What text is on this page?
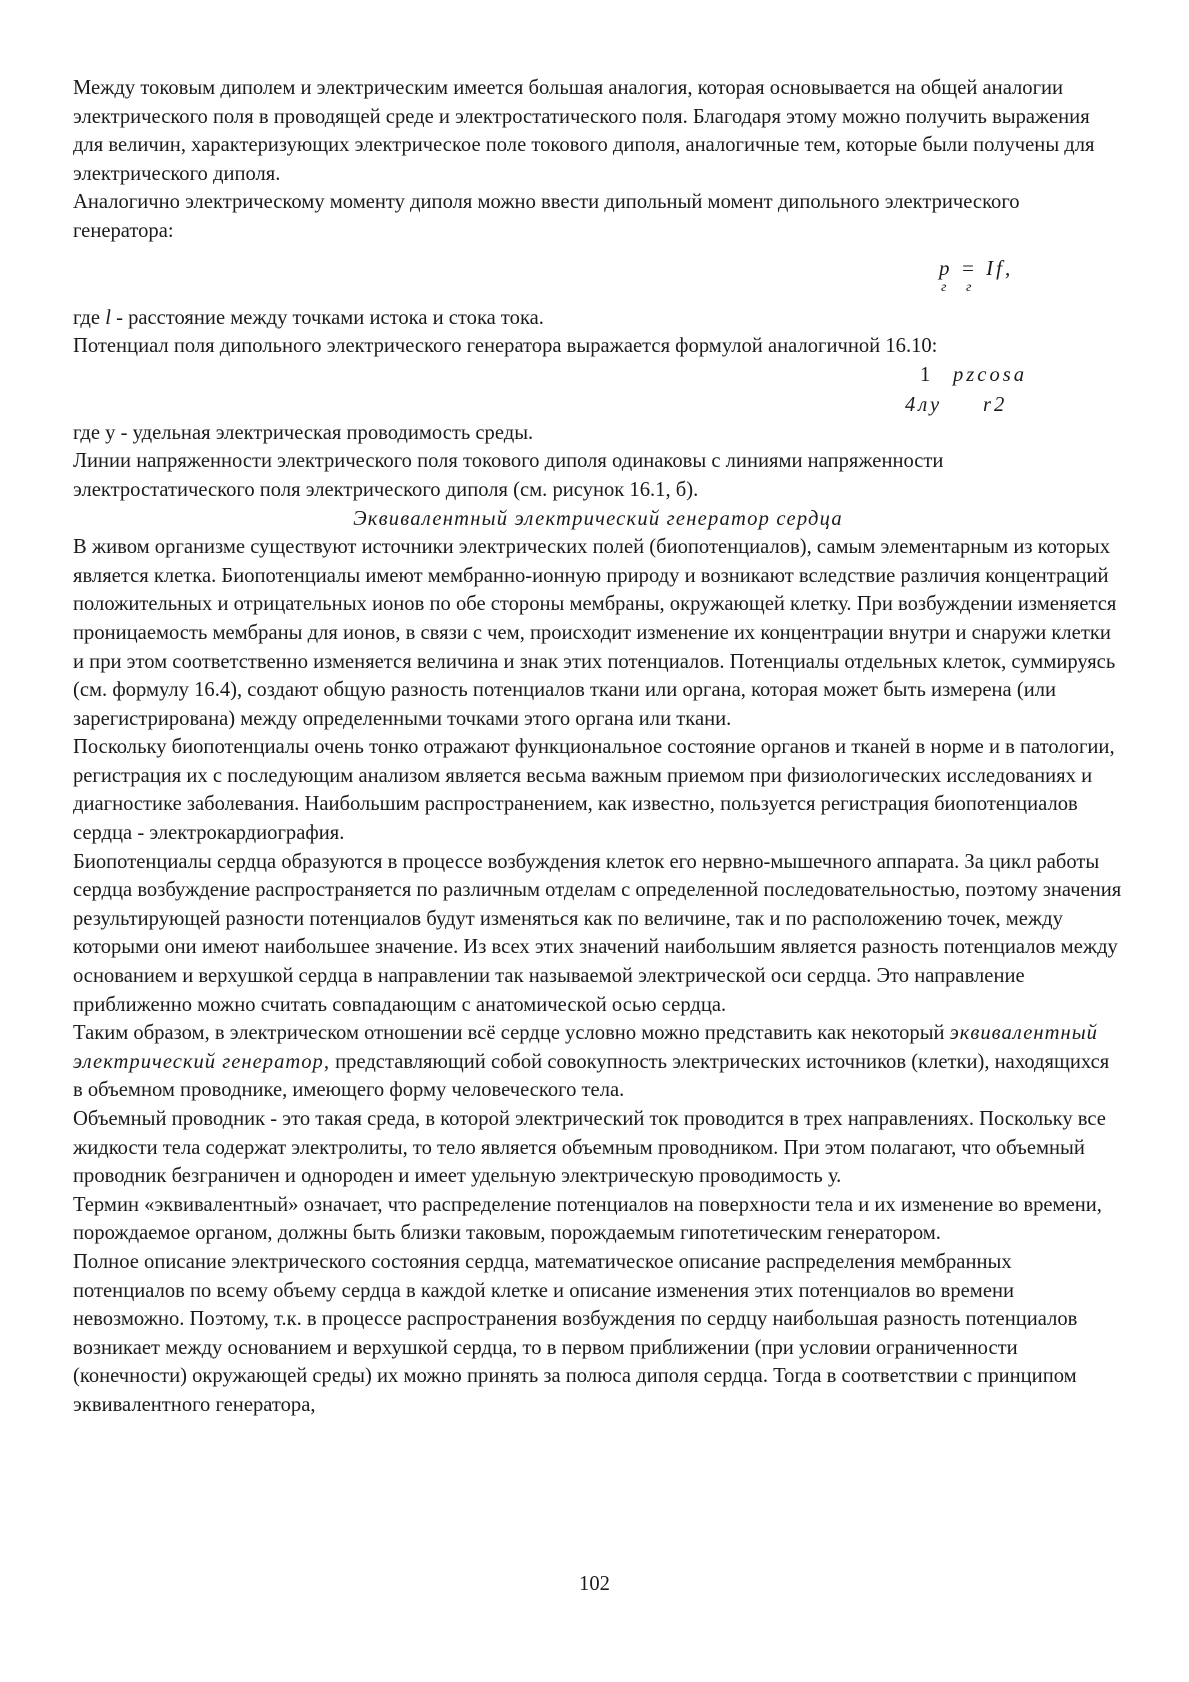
Между токовым диполем и электрическим имеется большая аналогия, которая основывается на общей аналогии электрического поля в проводящей среде и электростатического поля. Благодаря этому можно получить выражения для величин, характеризующих электрическое поле токового диполя, аналогичные тем, которые были получены для электрического диполя.

Аналогично электрическому моменту диполя можно ввести дипольный момент дипольного электрического генератора:

p = If,
г г

где l - расстояние между точками истока и стока тока.

Потенциал поля дипольного электрического генератора выражается формулой аналогичной 16.10:

1 pzcosa
4лу r2

где у - удельная электрическая проводимость среды.

Линии напряженности электрического поля токового диполя одинаковы с линиями напряженности электростатического поля электрического диполя (см. рисунок 16.1, б).

Эквивалентный электрический генератор сердца

В живом организме существуют источники электрических полей (биопотенциалов), самым элементарным из которых является клетка. Биопотенциалы имеют мембранно-ионную природу и возникают вследствие различия концентраций положительных и отрицательных ионов по обе стороны мембраны, окружающей клетку. При возбуждении изменяется проницаемость мембраны для ионов, в связи с чем, происходит изменение их концентрации внутри и снаружи клетки и при этом соответственно изменяется величина и знак этих потенциалов. Потенциалы отдельных клеток, суммируясь (см. формулу 16.4), создают общую разность потенциалов ткани или органа, которая может быть измерена (или зарегистрирована) между определенными точками этого органа или ткани.

Поскольку биопотенциалы очень тонко отражают функциональное состояние органов и тканей в норме и в патологии, регистрация их с последующим анализом является весьма важным приемом при физиологических исследованиях и диагностике заболевания. Наибольшим распространением, как известно, пользуется регистрация биопотенциалов сердца - электрокардиография.

Биопотенциалы сердца образуются в процессе возбуждения клеток его нервно-мышечного аппарата. За цикл работы сердца возбуждение распространяется по различным отделам с определенной последовательностью, поэтому значения результирующей разности потенциалов будут изменяться как по величине, так и по расположению точек, между которыми они имеют наибольшее значение. Из всех этих значений наибольшим является разность потенциалов между основанием и верхушкой сердца в направлении так называемой электрической оси сердца. Это направление приближенно можно считать совпадающим с анатомической осью сердца.

Таким образом, в электрическом отношении всё сердце условно можно представить как некоторый эквивалентный электрический генератор, представляющий собой совокупность электрических источников (клетки), находящихся в объемном проводнике, имеющего форму человеческого тела.

Объемный проводник - это такая среда, в которой электрический ток проводится в трех направлениях. Поскольку все жидкости тела содержат электролиты, то тело является объемным проводником. При этом полагают, что объемный проводник безграничен и однороден и имеет удельную электрическую проводимость у.

Термин «эквивалентный» означает, что распределение потенциалов на поверхности тела и их изменение во времени, порождаемое органом, должны быть близки таковым, порождаемым гипотетическим генератором.

Полное описание электрического состояния сердца, математическое описание распределения мембранных потенциалов по всему объему сердца в каждой клетке и описание изменения этих потенциалов во времени невозможно. Поэтому, т.к. в процессе распространения возбуждения по сердцу наибольшая разность потенциалов возникает между основанием и верхушкой сердца, то в первом приближении (при условии ограниченности (конечности) окружающей среды) их можно принять за полюса диполя сердца. Тогда в соответствии с принципом эквивалентного генератора,

102
